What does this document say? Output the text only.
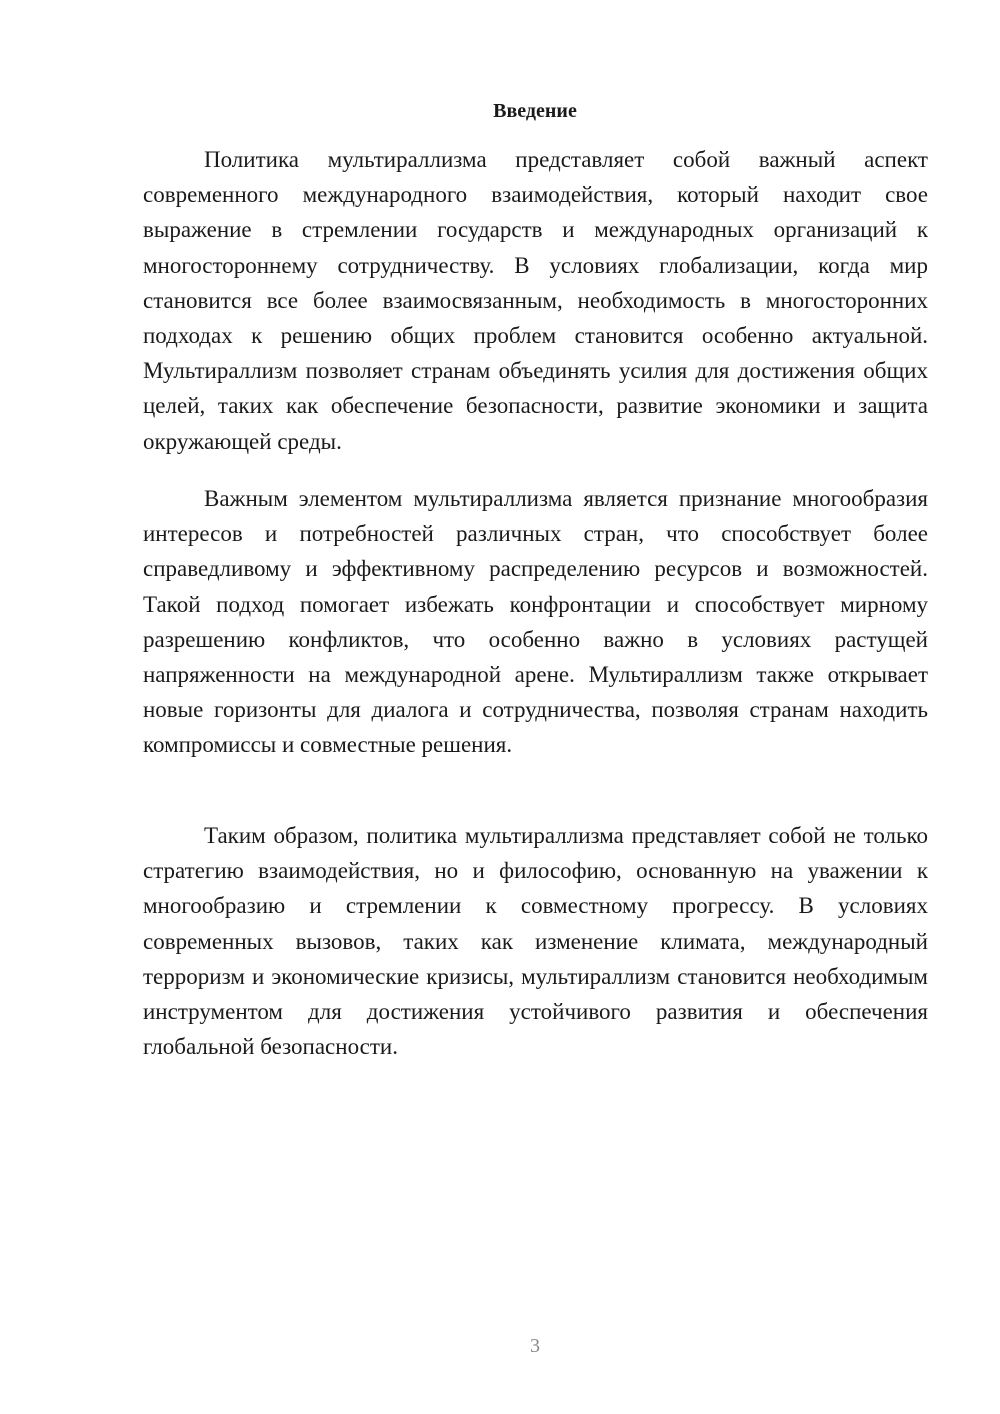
Введение

Политика мультираллизма представляет собой важный аспект современного международного взаимодействия, который находит свое выражение в стремлении государств и международных организаций к многостороннему сотрудничеству. В условиях глобализации, когда мир становится все более взаимосвязанным, необходимость в многосторонних подходах к решению общих проблем становится особенно актуальной. Мультираллизм позволяет странам объединять усилия для достижения общих целей, таких как обеспечение безопасности, развитие экономики и защита окружающей среды.

Важным элементом мультираллизма является признание многообразия интересов и потребностей различных стран, что способствует более справедливому и эффективному распределению ресурсов и возможностей. Такой подход помогает избежать конфронтации и способствует мирному разрешению конфликтов, что особенно важно в условиях растущей напряженности на международной арене. Мультираллизм также открывает новые горизонты для диалога и сотрудничества, позволяя странам находить компромиссы и совместные решения.

Таким образом, политика мультираллизма представляет собой не только стратегию взаимодействия, но и философию, основанную на уважении к многообразию и стремлении к совместному прогрессу. В условиях современных вызовов, таких как изменение климата, международный терроризм и экономические кризисы, мультираллизм становится необходимым инструментом для достижения устойчивого развития и обеспечения глобальной безопасности.

3
